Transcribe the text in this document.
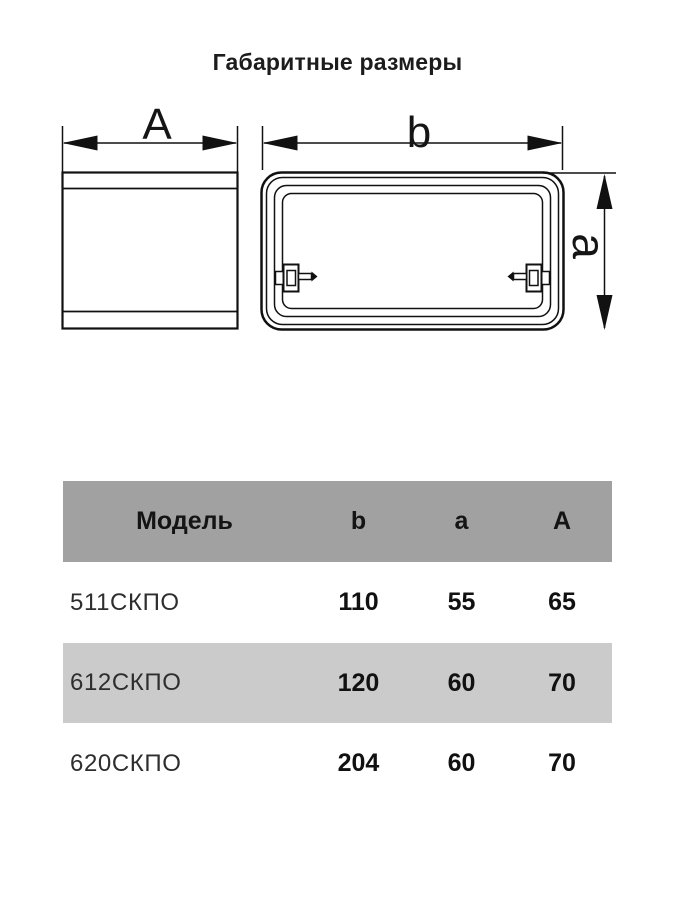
Габаритные размеры
A	b
a
Модель	b	a	A
511СКПО	110	55	65
612СКПО	120	60	70
620СКПО	204	60	70
